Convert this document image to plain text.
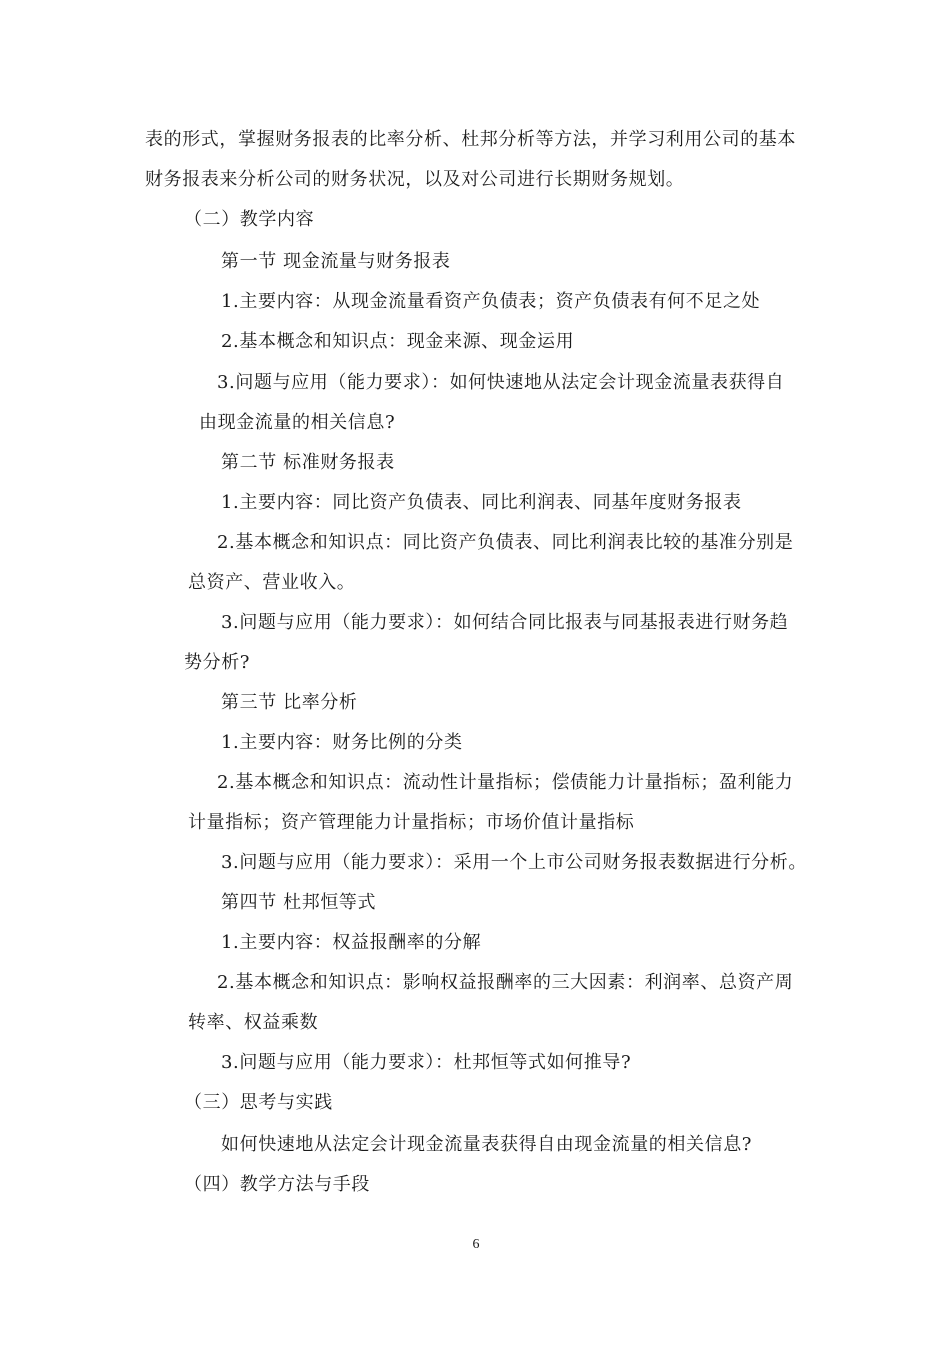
表的形式，掌握财务报表的比率分析、杜邦分析等方法，并学习利用公司的基本

财务报表来分析公司的财务状况，以及对公司进行长期财务规划。

（二）教学内容

第一节 现金流量与财务报表

1.主要内容：从现金流量看资产负债表；资产负债表有何不足之处

2.基本概念和知识点：现金来源、现金运用

3.问题与应用（能力要求）：如何快速地从法定会计现金流量表获得自

由现金流量的相关信息?

第二节 标准财务报表

1.主要内容：同比资产负债表、同比利润表、同基年度财务报表

2.基本概念和知识点：同比资产负债表、同比利润表比较的基准分别是

总资产、营业收入。

3.问题与应用（能力要求）：如何结合同比报表与同基报表进行财务趋

势分析?

第三节 比率分析

1.主要内容：财务比例的分类

2.基本概念和知识点：流动性计量指标；偿债能力计量指标；盈利能力

计量指标；资产管理能力计量指标；市场价值计量指标

3.问题与应用（能力要求）：采用一个上市公司财务报表数据进行分析。

第四节 杜邦恒等式

1.主要内容：权益报酬率的分解

2.基本概念和知识点：影响权益报酬率的三大因素：利润率、总资产周

转率、权益乘数

3.问题与应用（能力要求）：杜邦恒等式如何推导?

（三）思考与实践

如何快速地从法定会计现金流量表获得自由现金流量的相关信息?

（四）教学方法与手段

6
